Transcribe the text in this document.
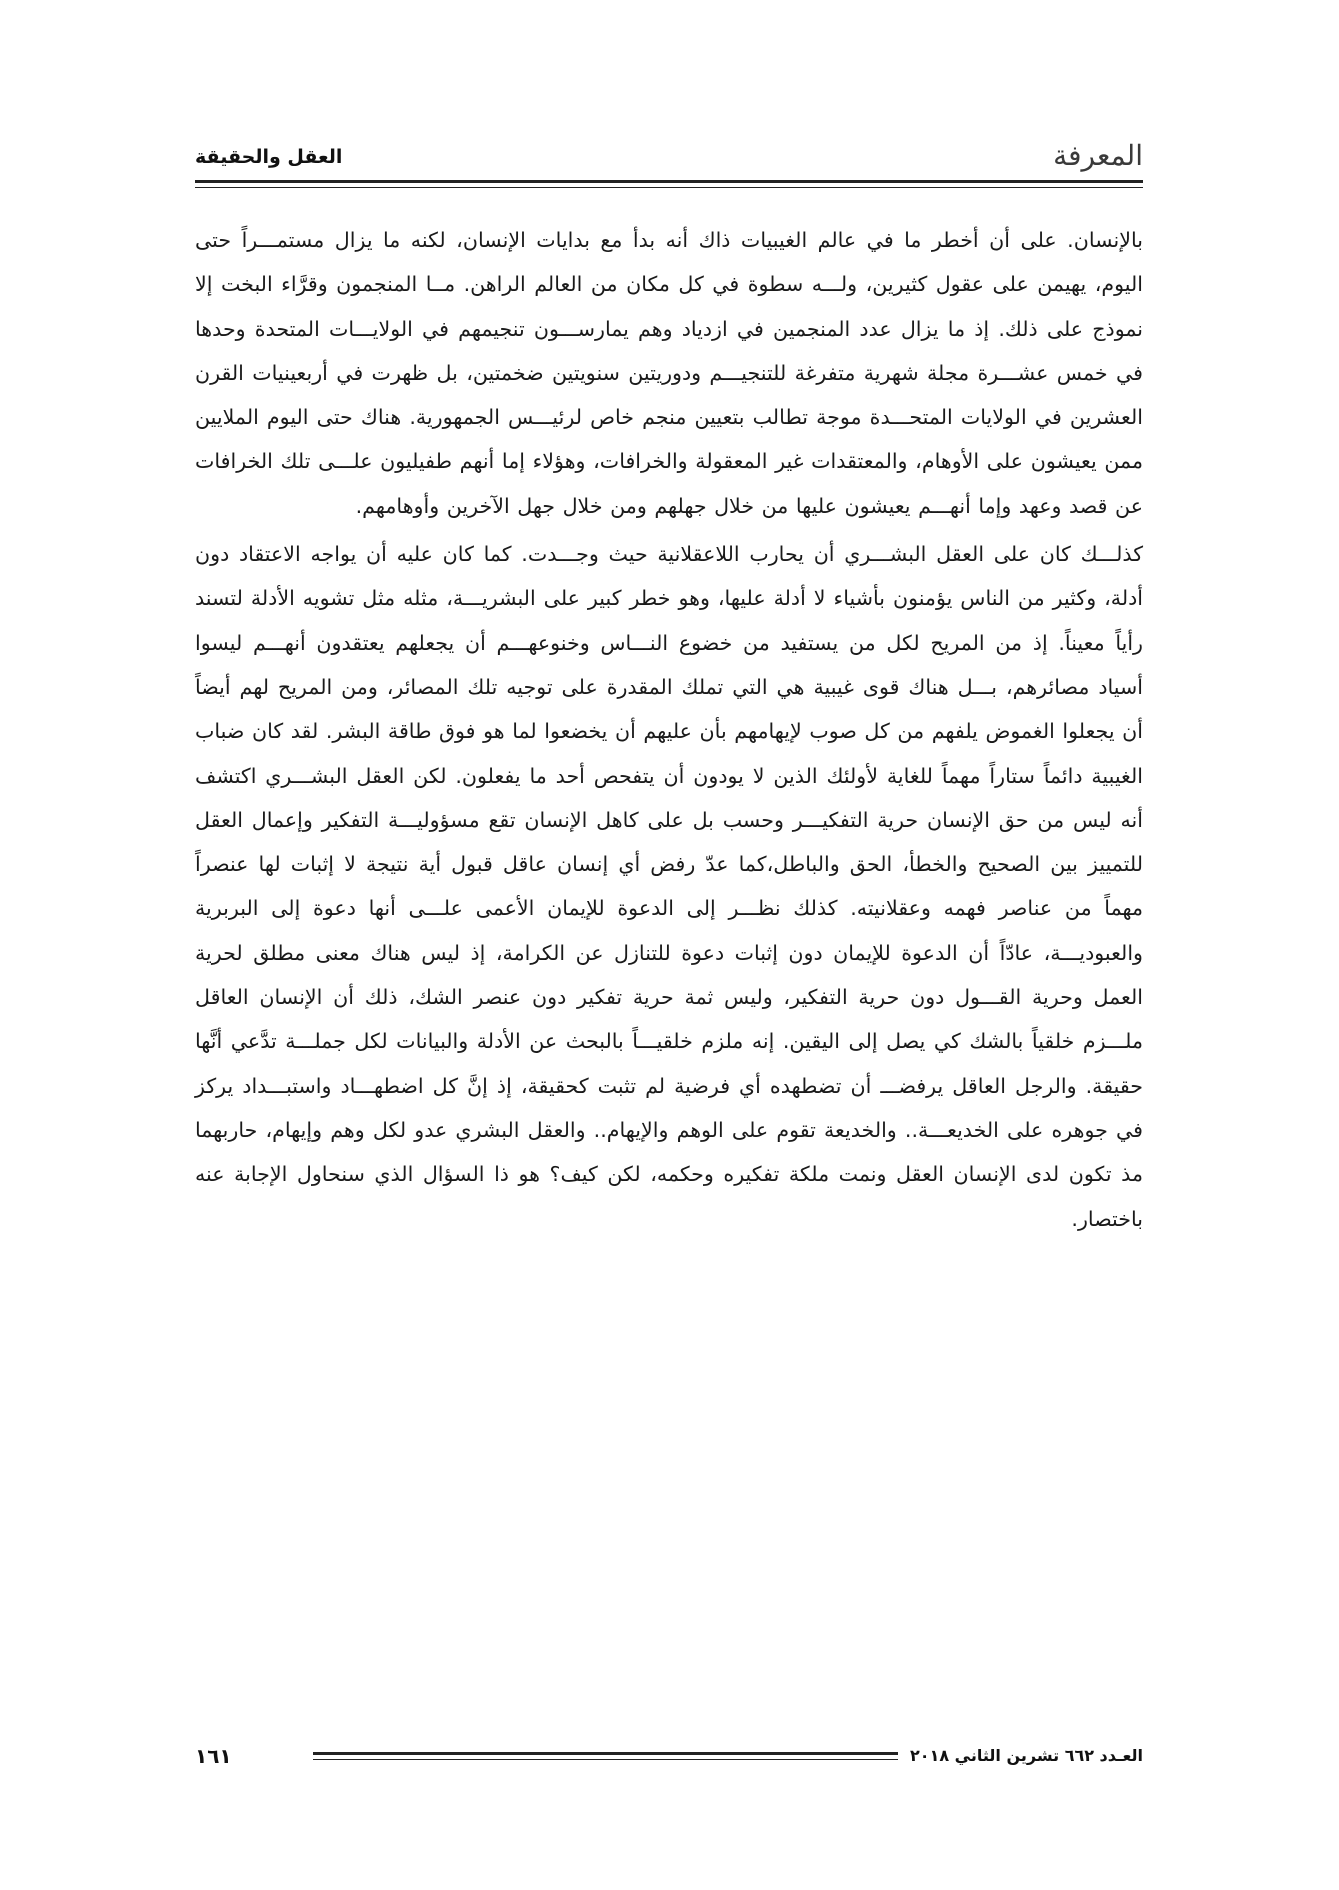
المعرفة
العقل والحقيقة

بالإنسان. على أن أخطر ما في عالم الغيبيات ذاك أنه بدأ مع بدايات الإنسان، لكنه ما يزال مستمـــراً حتى اليوم، يهيمن على عقول كثيرين، ولـــه سطوة في كل مكان من العالم الراهن. مــا المنجمون وقرَّاء البخت إلا نموذج على ذلك. إذ ما يزال عدد المنجمين في ازدياد وهم يمارســـون تنجيمهم في الولايـــات المتحدة وحدها في خمس عشـــرة مجلة شهرية متفرغة للتنجيـــم ودوريتين سنويتين ضخمتين، بل ظهرت في أربعينيات القرن العشرين في الولايات المتحـــدة موجة تطالب بتعيين منجم خاص لرئيـــس الجمهورية. هناك حتى اليوم الملايين ممن يعيشون على الأوهام، والمعتقدات غير المعقولة والخرافات، وهؤلاء إما أنهم طفيليون علـــى تلك الخرافات عن قصد وعهد وإما أنهـــم يعيشون عليها من خلال جهلهم ومن خلال جهل الآخرين وأوهامهم.

كذلـــك كان على العقل البشـــري أن يحارب اللاعقلانية حيث وجـــدت. كما كان عليه أن يواجه الاعتقاد دون أدلة، وكثير من الناس يؤمنون بأشياء لا أدلة عليها، وهو خطر كبير على البشريـــة، مثله مثل تشويه الأدلة لتسند رأياً معيناً. إذ من المريح لكل من يستفيد من خضوع النـــاس وخنوعهـــم أن يجعلهم يعتقدون أنهـــم ليسوا أسياد مصائرهم، بـــل هناك قوى غيبية هي التي تملك المقدرة على توجيه تلك المصائر، ومن المريح لهم أيضاً أن يجعلوا الغموض يلفهم من كل صوب لإيهامهم بأن عليهم أن يخضعوا لما هو فوق طاقة البشر. لقد كان ضباب الغيبية دائماً ستاراً مهماً للغاية لأولئك الذين لا يودون أن يتفحص أحد ما يفعلون. لكن العقل البشـــري اكتشف أنه ليس من حق الإنسان حرية التفكيـــر وحسب بل على كاهل الإنسان تقع مسؤوليـــة التفكير وإعمال العقل للتمييز بين الصحيح والخطأ، الحق والباطل،كما عدّ رفض أي إنسان عاقل قبول أية نتيجة لا إثبات لها عنصراً مهماً من عناصر فهمه وعقلانيته. كذلك نظـــر إلى الدعوة للإيمان الأعمى علـــى أنها دعوة إلى البربرية والعبوديـــة، عادّاً أن الدعوة للإيمان دون إثبات دعوة للتنازل عن الكرامة، إذ ليس هناك معنى مطلق لحرية العمل وحرية القـــول دون حرية التفكير، وليس ثمة حرية تفكير دون عنصر الشك، ذلك أن الإنسان العاقل ملـــزم خلقياً بالشك كي يصل إلى اليقين. إنه ملزم خلقيـــاً بالبحث عن الأدلة والبيانات لكل جملـــة تدَّعي أنَّها حقيقة. والرجل العاقل يرفضـــ أن تضطهده أي فرضية لم تثبت كحقيقة، إذ إنَّ كل اضطهـــاد واستبـــداد يركز في جوهره على الخديعـــة.. والخديعة تقوم على الوهم والإيهام.. والعقل البشري عدو لكل وهم وإيهام، حاربهما مذ تكون لدى الإنسان العقل ونمت ملكة تفكيره وحكمه، لكن كيف؟ هو ذا السؤال الذي سنحاول الإجابة عنه باختصار.

العـدد ٦٦٢ تشرين الثاني ٢٠١٨
١٦١
